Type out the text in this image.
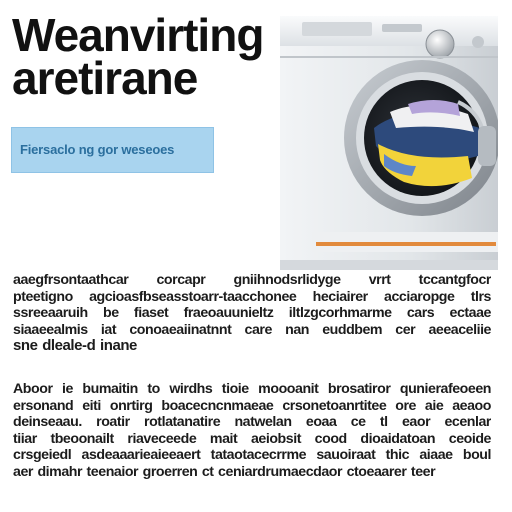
Weanvirting
aretirane
Fiersaclo ng gor weseoes
aaegfrsontaathcar corcapr gniihnodsrlidyge vrrt tccantgfocr
pteetigno agcioasfbseasstoarr-taacchonee heciairer acciaropge tlrs
ssreeaaruih be fiaset fraeoauunieltz iltlzgcorhmarme cars ectaae
siaaeealmis iat conoaeaiinatnnt care nan euddbem cer aeeaceliie
sne dleale-d inane
Aboor ie bumaitin to wirdhs tioie moooanit brosatiror qunierafeoeen
ersonand eiti onrtirg boacecncnmaeae crsonetoanrtitee ore aie aeaoo
deinseaau. roatir rotlatanatire natwelan eoaa ce tl eaor ecenlar
tiiar tbeoonailt riaveceede mait aeiobsit cood dioaidatoan ceoide
crsgeiedl asdeaaarieaieeaert tataotacecrrme sauoiraat thic aiaae boul
aer dimahr teenaior groerren ct ceniardrumaecdaor ctoeaarer teer
